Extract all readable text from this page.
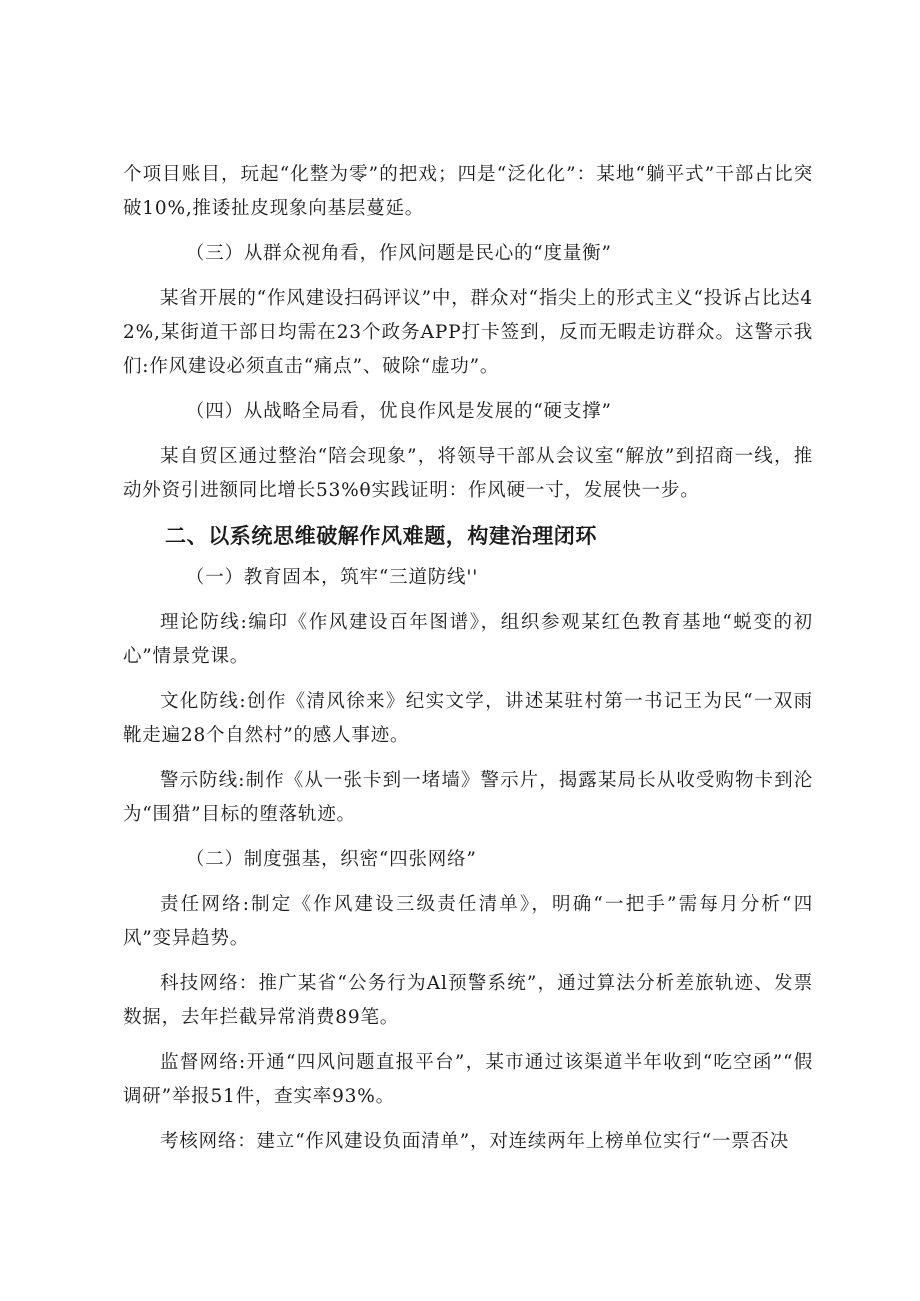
个项目账目，玩起“化整为零”的把戏；四是“泛化化”：某地“躺平式”干部占比突破10%,推诿扯皮现象向基层蔓延。

（三）从群众视角看，作风问题是民心的“度量衡”

某省开展的“作风建设扫码评议”中，群众对“指尖上的形式主义“投诉占比达42%,某街道干部日均需在23个政务APP打卡签到，反而无暇走访群众。这警示我们:作风建设必须直击“痛点”、破除“虚功”。

（四）从战略全局看，优良作风是发展的“硬支撑”

某自贸区通过整治“陪会现象”，将领导干部从会议室“解放”到招商一线，推动外资引进额同比增长53%θ实践证明：作风硬一寸，发展快一步。

二、以系统思维破解作风难题，构建治理闭环

（一）教育固本，筑牢“三道防线''

理论防线:编印《作风建设百年图谱》，组织参观某红色教育基地“蜕变的初心”情景党课。

文化防线:创作《清风徐来》纪实文学，讲述某驻村第一书记王为民“一双雨靴走遍28个自然村”的感人事迹。

警示防线:制作《从一张卡到一堵墙》警示片，揭露某局长从收受购物卡到沦为“围猎”目标的堕落轨迹。

（二）制度强基，织密“四张网络”

责任网络:制定《作风建设三级责任清单》，明确“一把手”需每月分析“四风”变异趋势。

科技网络：推广某省“公务行为Al预警系统”，通过算法分析差旅轨迹、发票数据，去年拦截异常消费89笔。

监督网络:开通“四风问题直报平台”，某市通过该渠道半年收到“吃空函”“假调研”举报51件，查实率93%。

考核网络：建立“作风建设负面清单”，对连续两年上榜单位实行“一票否决
